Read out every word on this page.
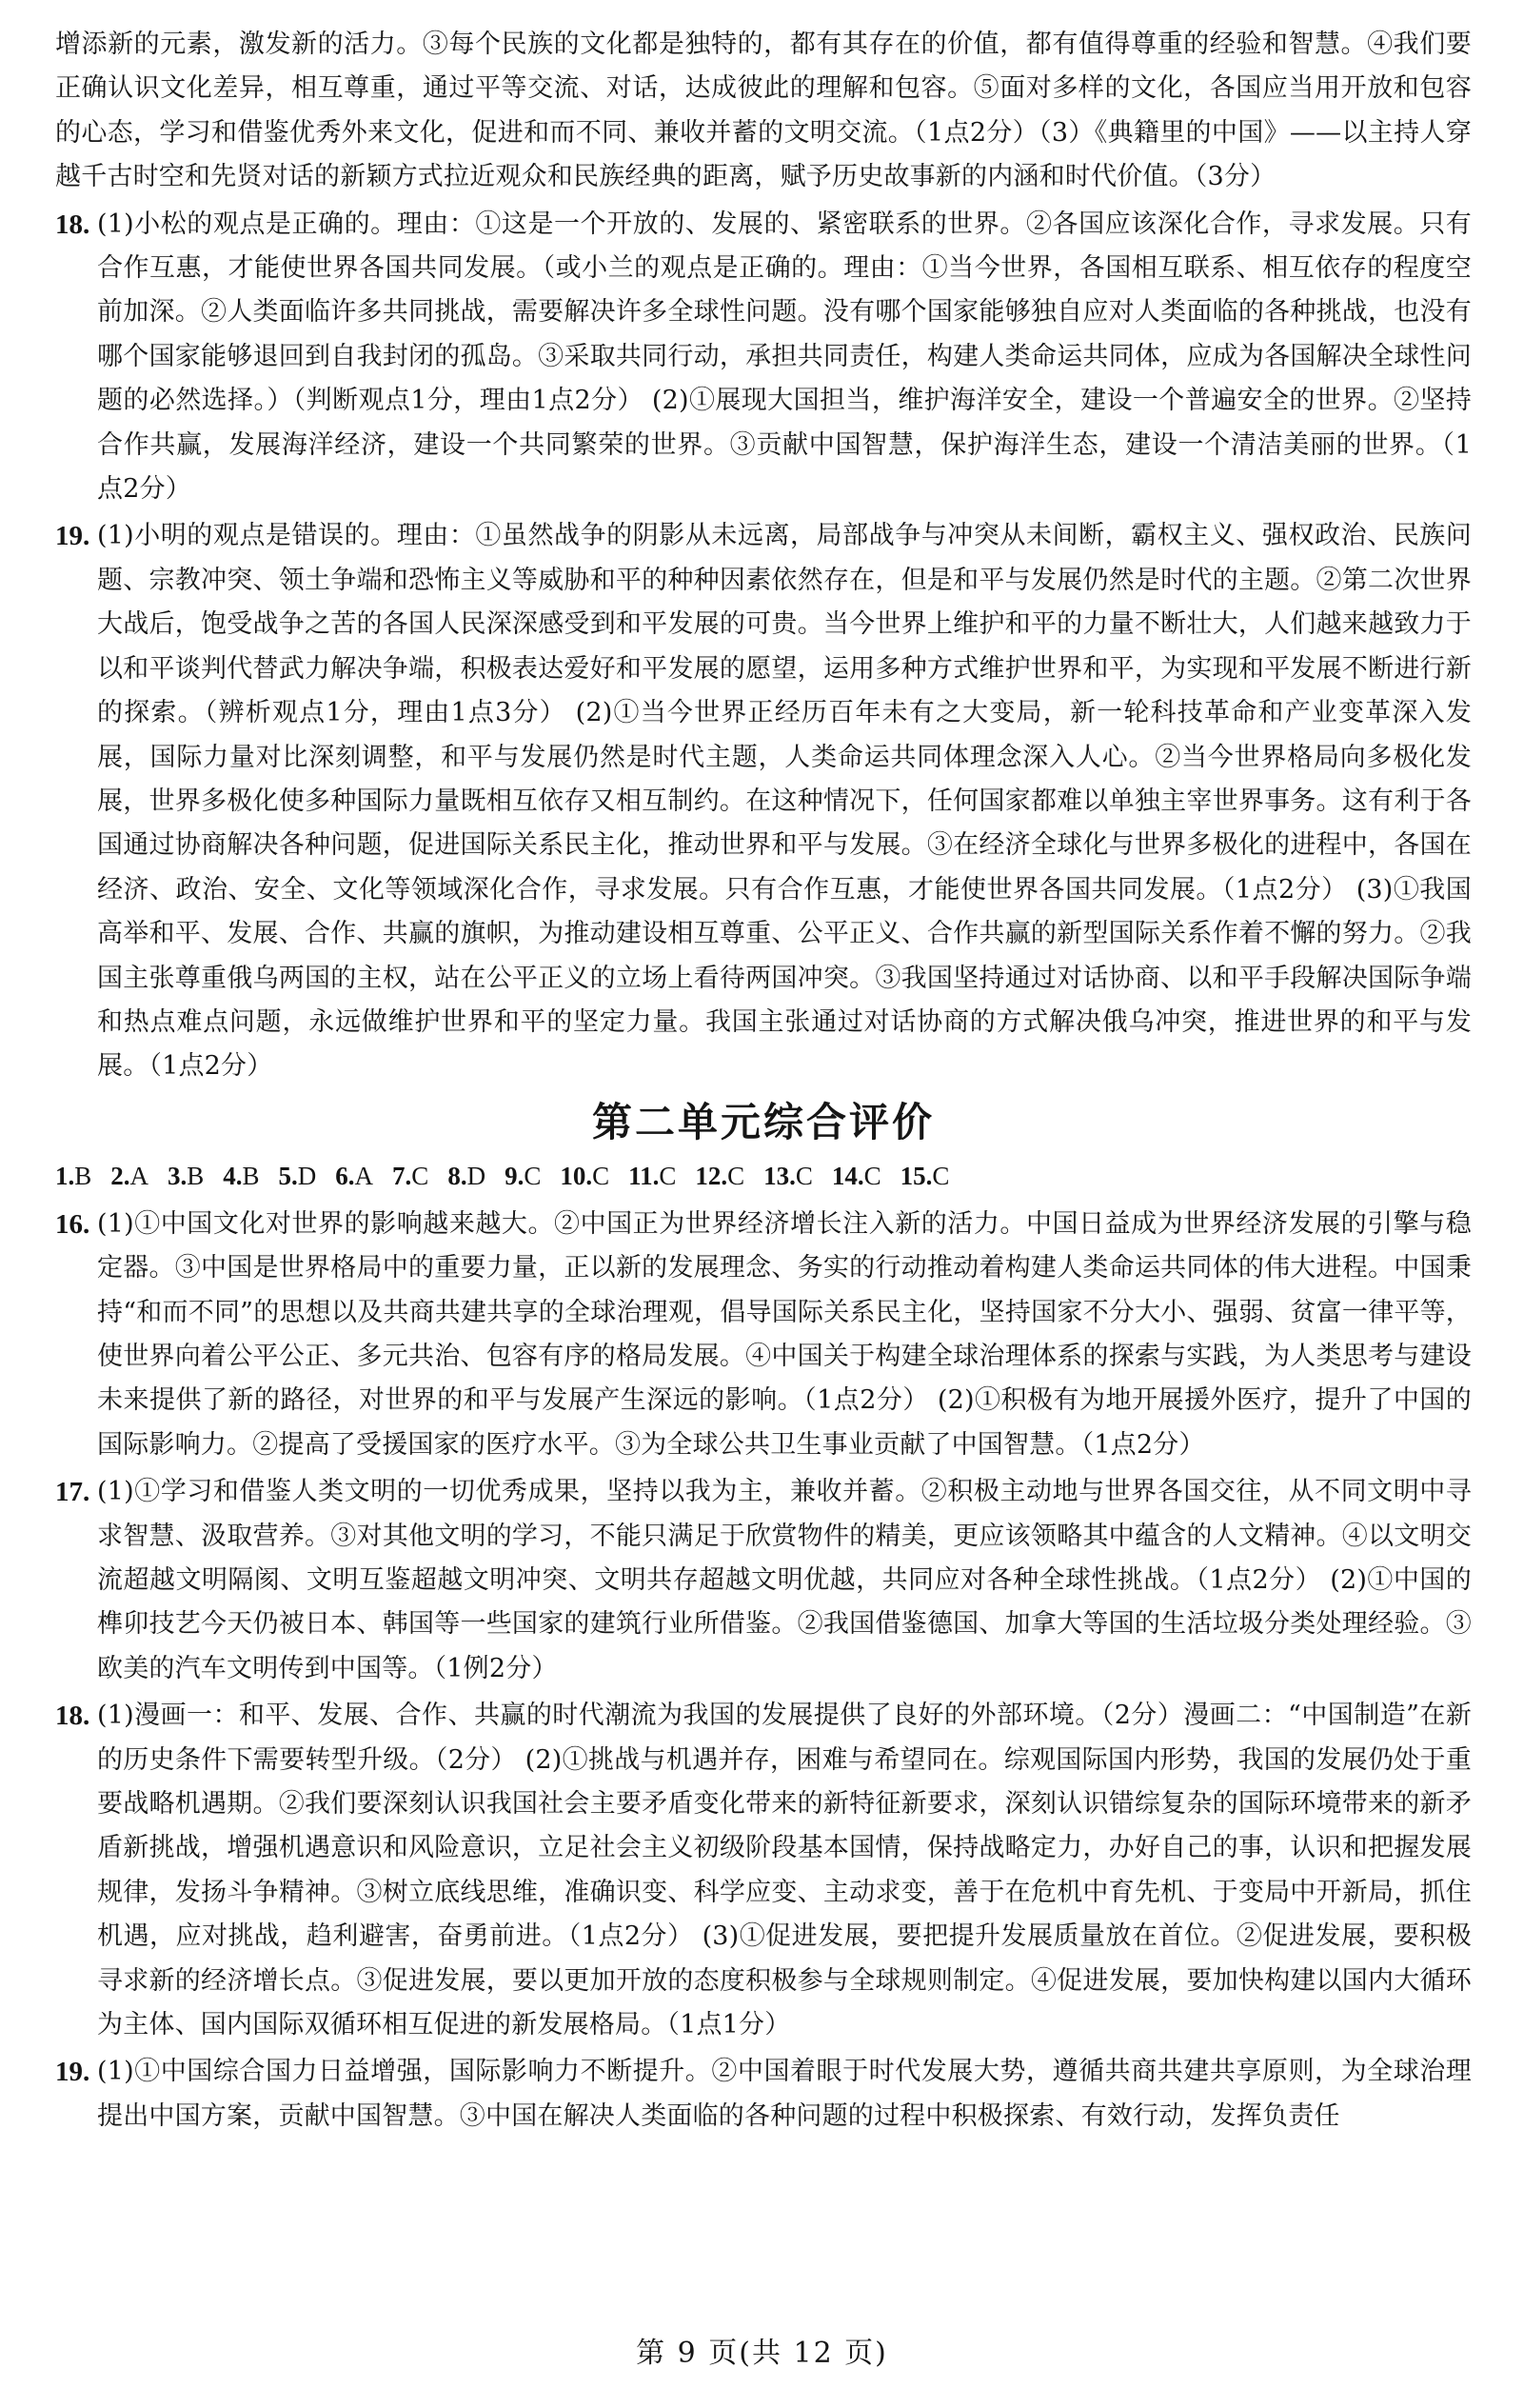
增添新的元素，激发新的活力。③每个民族的文化都是独特的，都有其存在的价值，都有值得尊重的经验和智慧。④我们要正确认识文化差异，相互尊重，通过平等交流、对话，达成彼此的理解和包容。⑤面对多样的文化，各国应当用开放和包容的心态，学习和借鉴优秀外来文化，促进和而不同、兼收并蓄的文明交流。（1点2分）（3）《典籍里的中国》——以主持人穿越千古时空和先贤对话的新颖方式拉近观众和民族经典的距离，赋予历史故事新的内涵和时代价值。（3分）

18. (1)小松的观点是正确的。理由：①这是一个开放的、发展的、紧密联系的世界。②各国应该深化合作，寻求发展。只有合作互惠，才能使世界各国共同发展。（或小兰的观点是正确的。理由：①当今世界，各国相互联系、相互依存的程度空前加深。②人类面临许多共同挑战，需要解决许多全球性问题。没有哪个国家能够独自应对人类面临的各种挑战，也没有哪个国家能够退回到自我封闭的孤岛。③采取共同行动，承担共同责任，构建人类命运共同体，应成为各国解决全球性问题的必然选择。）（判断观点1分，理由1点2分） (2)①展现大国担当，维护海洋安全，建设一个普遍安全的世界。②坚持合作共赢，发展海洋经济，建设一个共同繁荣的世界。③贡献中国智慧，保护海洋生态，建设一个清洁美丽的世界。（1点2分）

19. (1)小明的观点是错误的。理由：①虽然战争的阴影从未远离，局部战争与冲突从未间断，霸权主义、强权政治、民族问题、宗教冲突、领土争端和恐怖主义等威胁和平的种种因素依然存在，但是和平与发展仍然是时代的主题。②第二次世界大战后，饱受战争之苦的各国人民深深感受到和平发展的可贵。当今世界上维护和平的力量不断壮大，人们越来越致力于以和平谈判代替武力解决争端，积极表达爱好和平发展的愿望，运用多种方式维护世界和平，为实现和平发展不断进行新的探索。（辨析观点1分，理由1点3分） (2)①当今世界正经历百年未有之大变局，新一轮科技革命和产业变革深入发展，国际力量对比深刻调整，和平与发展仍然是时代主题，人类命运共同体理念深入人心。②当今世界格局向多极化发展，世界多极化使多种国际力量既相互依存又相互制约。在这种情况下，任何国家都难以单独主宰世界事务。这有利于各国通过协商解决各种问题，促进国际关系民主化，推动世界和平与发展。③在经济全球化与世界多极化的进程中，各国在经济、政治、安全、文化等领域深化合作，寻求发展。只有合作互惠，才能使世界各国共同发展。（1点2分） (3)①我国高举和平、发展、合作、共赢的旗帜，为推动建设相互尊重、公平正义、合作共赢的新型国际关系作着不懈的努力。②我国主张尊重俄乌两国的主权，站在公平正义的立场上看待两国冲突。③我国坚持通过对话协商、以和平手段解决国际争端和热点难点问题，永远做维护世界和平的坚定力量。我国主张通过对话协商的方式解决俄乌冲突，推进世界的和平与发展。（1点2分）

第二单元综合评价
1.B 2.A 3.B 4.B 5.D 6.A 7.C 8.D 9.C 10.C 11.C 12.C 13.C 14.C 15.C
16. (1)①中国文化对世界的影响越来越大。②中国正为世界经济增长注入新的活力。中国日益成为世界经济发展的引擎与稳定器。③中国是世界格局中的重要力量，正以新的发展理念、务实的行动推动着构建人类命运共同体的伟大进程。中国秉持“和而不同”的思想以及共商共建共享的全球治理观，倡导国际关系民主化，坚持国家不分大小、强弱、贫富一律平等，使世界向着公平公正、多元共治、包容有序的格局发展。④中国关于构建全球治理体系的探索与实践，为人类思考与建设未来提供了新的路径，对世界的和平与发展产生深远的影响。（1点2分） (2)①积极有为地开展援外医疗，提升了中国的国际影响力。②提高了受援国家的医疗水平。③为全球公共卫生事业贡献了中国智慧。（1点2分）

17. (1)①学习和借鉴人类文明的一切优秀成果，坚持以我为主，兼收并蓄。②积极主动地与世界各国交往，从不同文明中寻求智慧、汲取营养。③对其他文明的学习，不能只满足于欣赏物件的精美，更应该领略其中蕴含的人文精神。④以文明交流超越文明隔阂、文明互鉴超越文明冲突、文明共存超越文明优越，共同应对各种全球性挑战。（1点2分） (2)①中国的榫卯技艺今天仍被日本、韩国等一些国家的建筑行业所借鉴。②我国借鉴德国、加拿大等国的生活垃圾分类处理经验。③欧美的汽车文明传到中国等。（1例2分）

18. (1)漫画一：和平、发展、合作、共赢的时代潮流为我国的发展提供了良好的外部环境。（2分）漫画二：“中国制造”在新的历史条件下需要转型升级。（2分） (2)①挑战与机遇并存，困难与希望同在。综观国际国内形势，我国的发展仍处于重要战略机遇期。②我们要深刻认识我国社会主要矛盾变化带来的新特征新要求，深刻认识错综复杂的国际环境带来的新矛盾新挑战，增强机遇意识和风险意识，立足社会主义初级阶段基本国情，保持战略定力，办好自己的事，认识和把握发展规律，发扬斗争精神。③树立底线思维，准确识变、科学应变、主动求变，善于在危机中育先机、于变局中开新局，抓住机遇，应对挑战，趋利避害，奋勇前进。（1点2分） (3)①促进发展，要把提升发展质量放在首位。②促进发展，要积极寻求新的经济增长点。③促进发展，要以更加开放的态度积极参与全球规则制定。④促进发展，要加快构建以国内大循环为主体、国内国际双循环相互促进的新发展格局。（1点1分）

19. (1)①中国综合国力日益增强，国际影响力不断提升。②中国着眼于时代发展大势，遵循共商共建共享原则，为全球治理提出中国方案，贡献中国智慧。③中国在解决人类面临的各种问题的过程中积极探索、有效行动，发挥负责任

第 9 页(共 12 页)
